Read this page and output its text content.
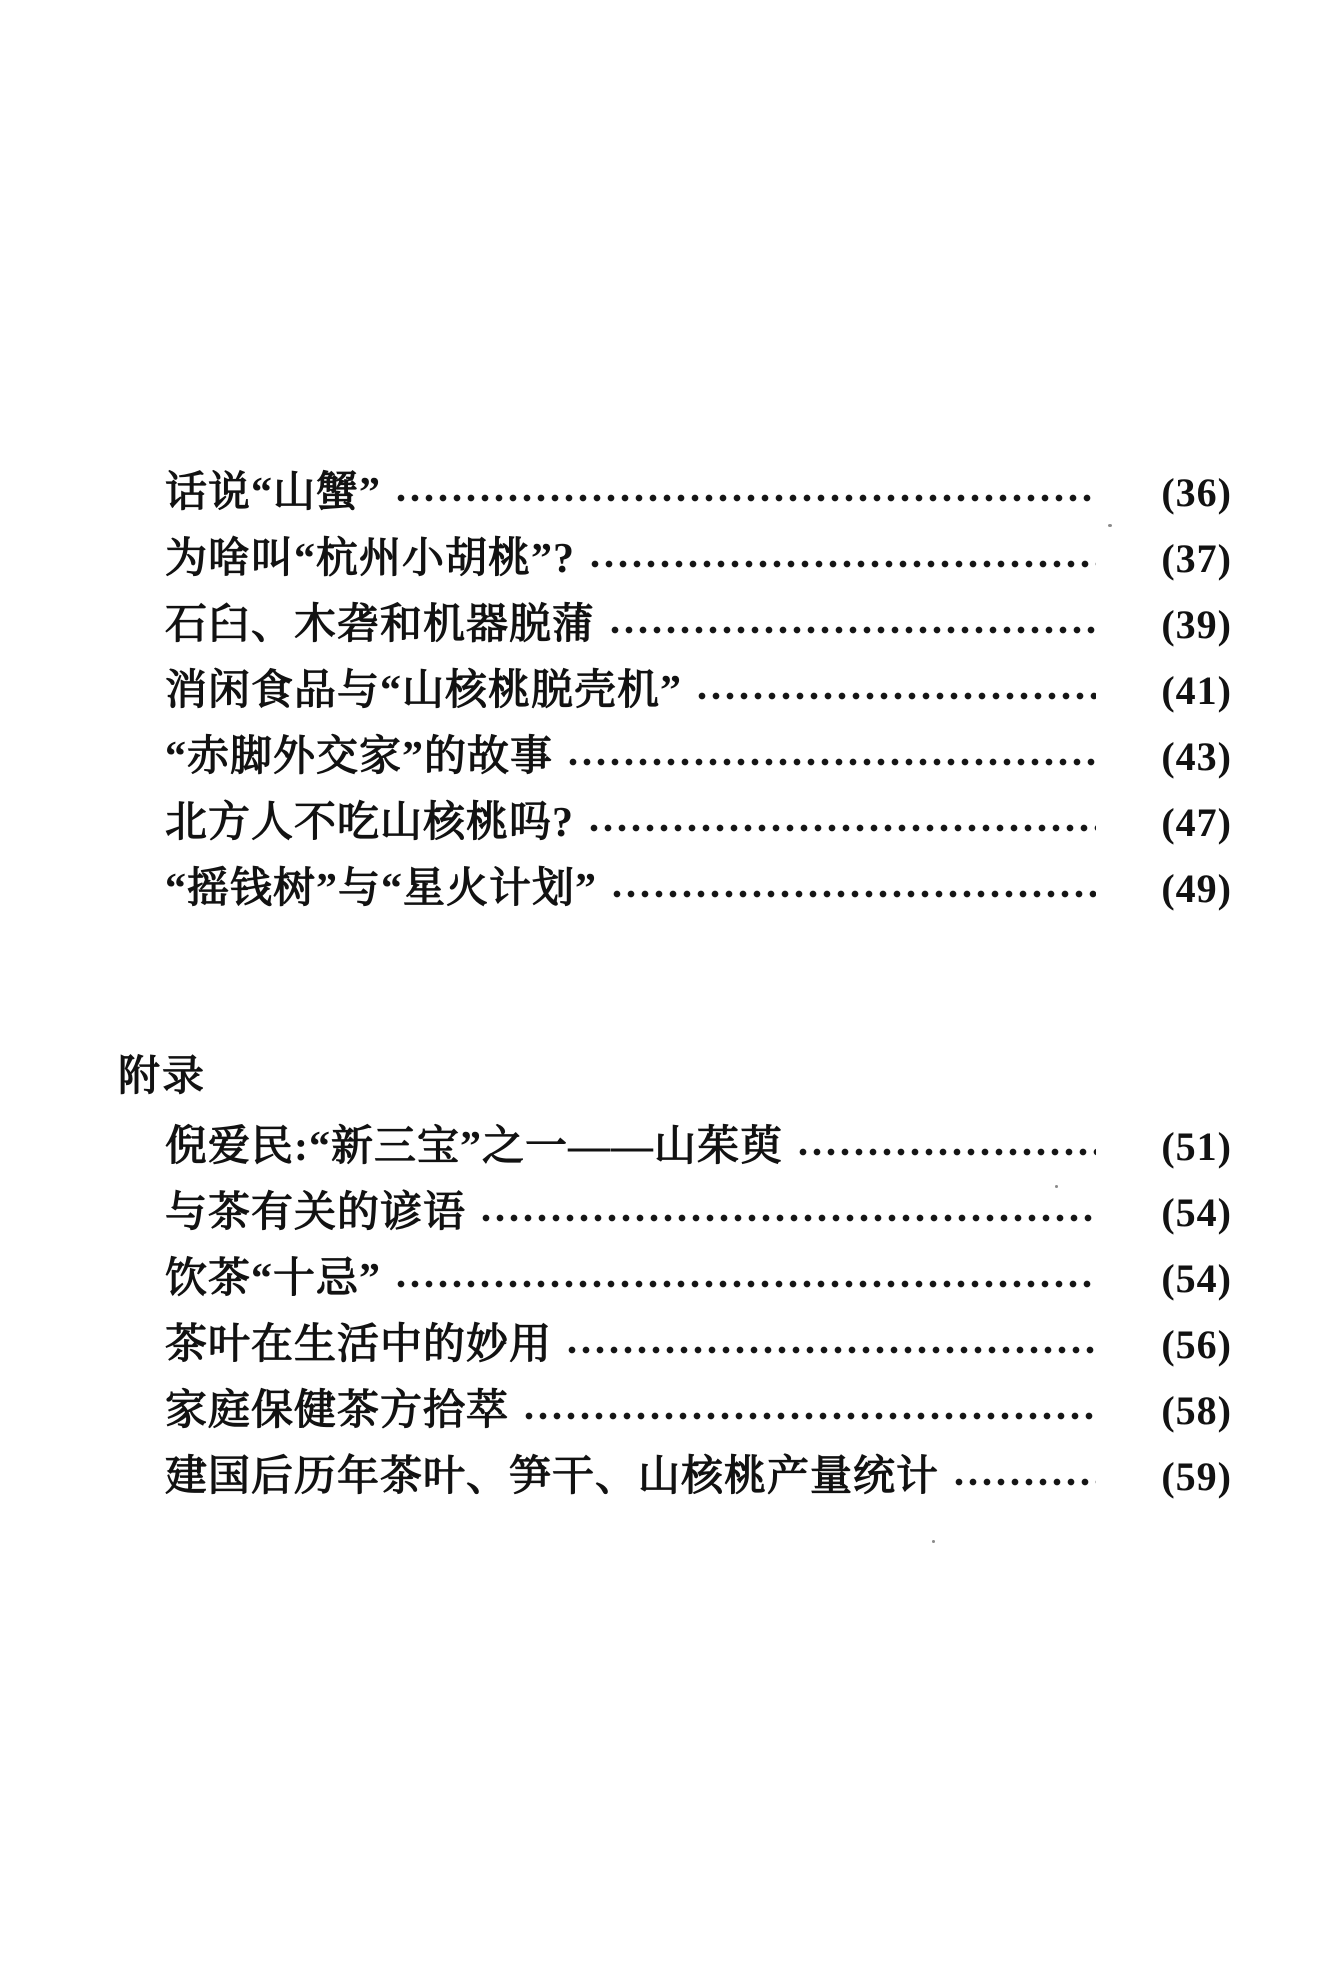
话说“山蟹”	(36)
为啥叫“杭州小胡桃”?	(37)
石臼、木砻和机器脱蒲	(39)
消闲食品与“山核桃脱壳机”	(41)
“赤脚外交家”的故事	(43)
北方人不吃山核桃吗?	(47)
“摇钱树”与“星火计划”	(49)
附录
倪爱民:“新三宝”之一——山茱萸	(51)
与茶有关的谚语	(54)
饮茶“十忌”	(54)
茶叶在生活中的妙用	(56)
家庭保健茶方拾萃	(58)
建国后历年茶叶、笋干、山核桃产量统计	(59)
